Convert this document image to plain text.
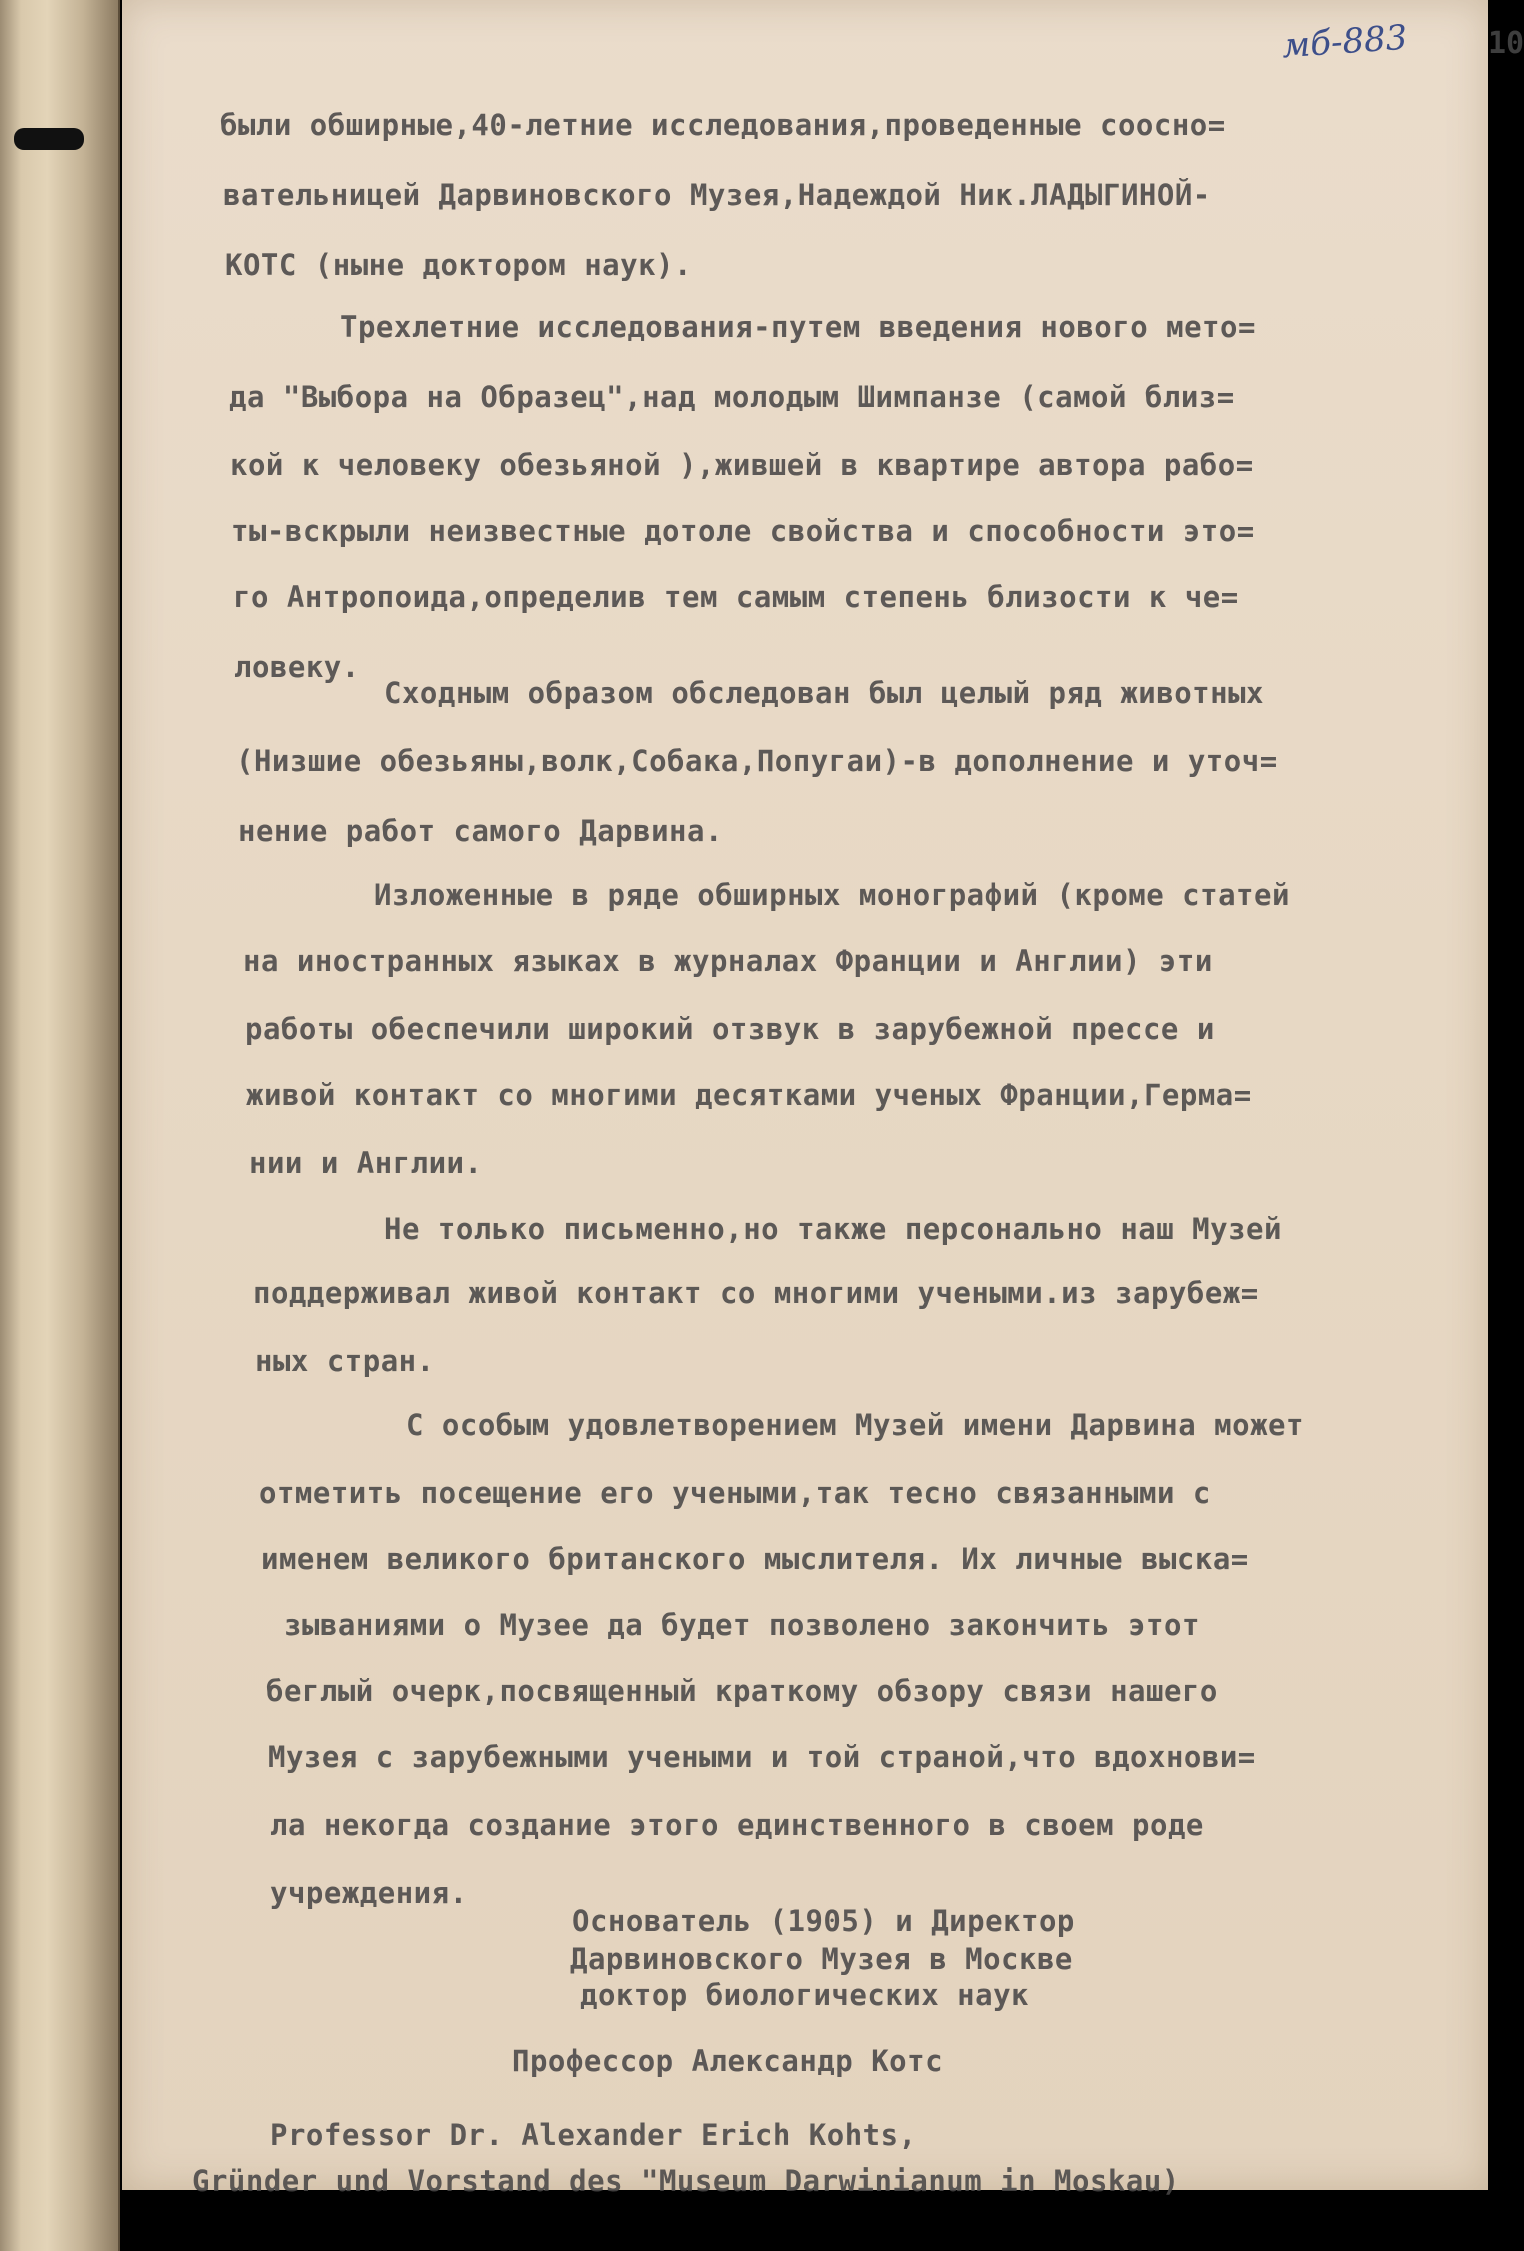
мб-883	10
были обширные,40-летние исследования,проведенные соосно=
вательницей Дарвиновского Музея,Надеждой Ник.ЛАДЫГИНОЙ-
КОТС (ныне доктором наук).
Трехлетние исследования-путем введения нового мето=
да "Выбора на Образец",над молодым Шимпанзе (самой близ=
кой к человеку обезьяной ),жившей в квартире автора рабо=
ты-вскрыли неизвестные дотоле свойства и способности это=
го Антропоида,определив тем самым степень близости к че=
ловеку.
Сходным образом обследован был целый ряд животных
(Низшие обезьяны,волк,Собака,Попугаи)-в дополнение и уточ=
нение работ самого Дарвина.
Изложенные в ряде обширных монографий (кроме статей
на иностранных языках в журналах Франции и Англии) эти
работы обеспечили широкий отзвук в зарубежной прессе и
живой контакт со многими десятками ученых Франции,Герма=
нии и Англии.
Не только письменно,но также персонально наш Музей
поддерживал живой контакт со многими учеными.из зарубеж=
ных стран.
С особым удовлетворением Музей имени Дарвина может
отметить посещение его учеными,так тесно связанными с
именем великого британского мыслителя. Их личные выска=
зываниями о Музее да будет позволено закончить этот
беглый очерк,посвященный краткому обзору связи нашего
Музея с зарубежными учеными и той страной,что вдохнови=
ла некогда создание этого единственного в своем роде
учреждения.
Основатель (1905) и Директор
Дарвиновского Музея в Москве
доктор биологических наук
Профессор Александр Котс
Professor Dr. Alexander Erich Kohts,
Gründer und Vorstand des "Museum Darwinianum in Moskau)
